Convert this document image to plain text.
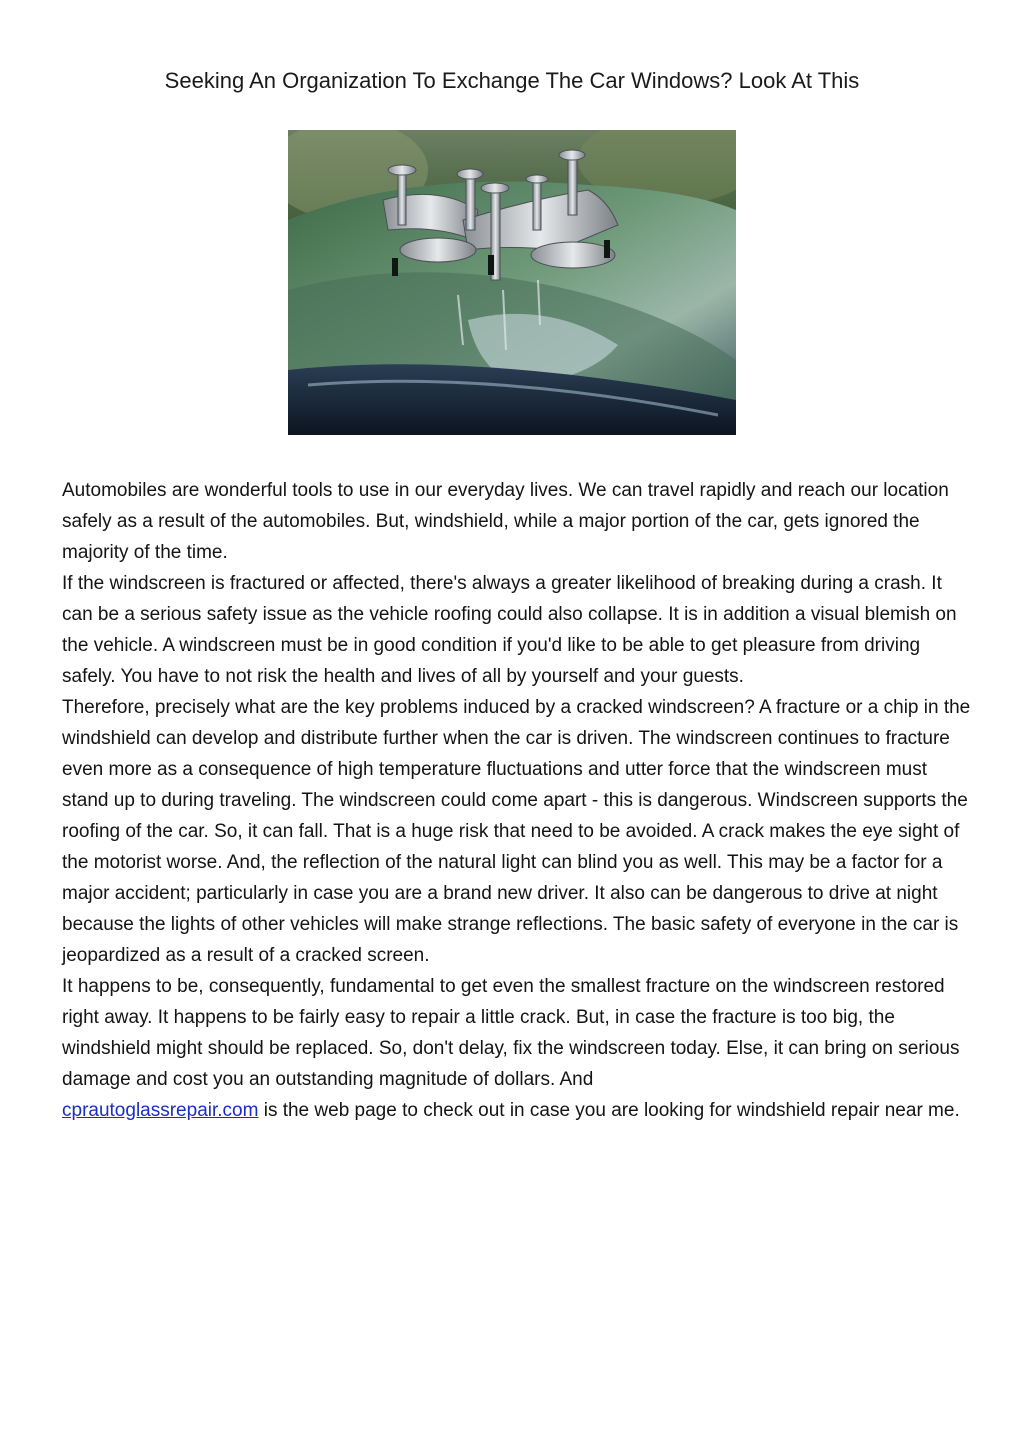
Seeking An Organization To Exchange The Car Windows? Look At This

Automobiles are wonderful tools to use in our everyday lives. We can travel rapidly and reach our location safely as a result of the automobiles. But, windshield, while a major portion of the car, gets ignored the majority of the time.

If the windscreen is fractured or affected, there's always a greater likelihood of breaking during a crash. It can be a serious safety issue as the vehicle roofing could also collapse. It is in addition a visual blemish on the vehicle. A windscreen must be in good condition if you'd like to be able to get pleasure from driving safely. You have to not risk the health and lives of all by yourself and your guests.

Therefore, precisely what are the key problems induced by a cracked windscreen? A fracture or a chip in the windshield can develop and distribute further when the car is driven. The windscreen continues to fracture even more as a consequence of high temperature fluctuations and utter force that the windscreen must stand up to during traveling. The windscreen could come apart - this is dangerous. Windscreen supports the roofing of the car. So, it can fall. That is a huge risk that need to be avoided. A crack makes the eye sight of the motorist worse. And, the reflection of the natural light can blind you as well. This may be a factor for a major accident; particularly in case you are a brand new driver. It also can be dangerous to drive at night because the lights of other vehicles will make strange reflections. The basic safety of everyone in the car is jeopardized as a result of a cracked screen.

It happens to be, consequently, fundamental to get even the smallest fracture on the windscreen restored right away. It happens to be fairly easy to repair a little crack. But, in case the fracture is too big, the windshield might should be replaced. So, don't delay, fix the windscreen today. Else, it can bring on serious damage and cost you an outstanding magnitude of dollars. And
cprautoglassrepair.com is the web page to check out in case you are looking for windshield repair near me.
